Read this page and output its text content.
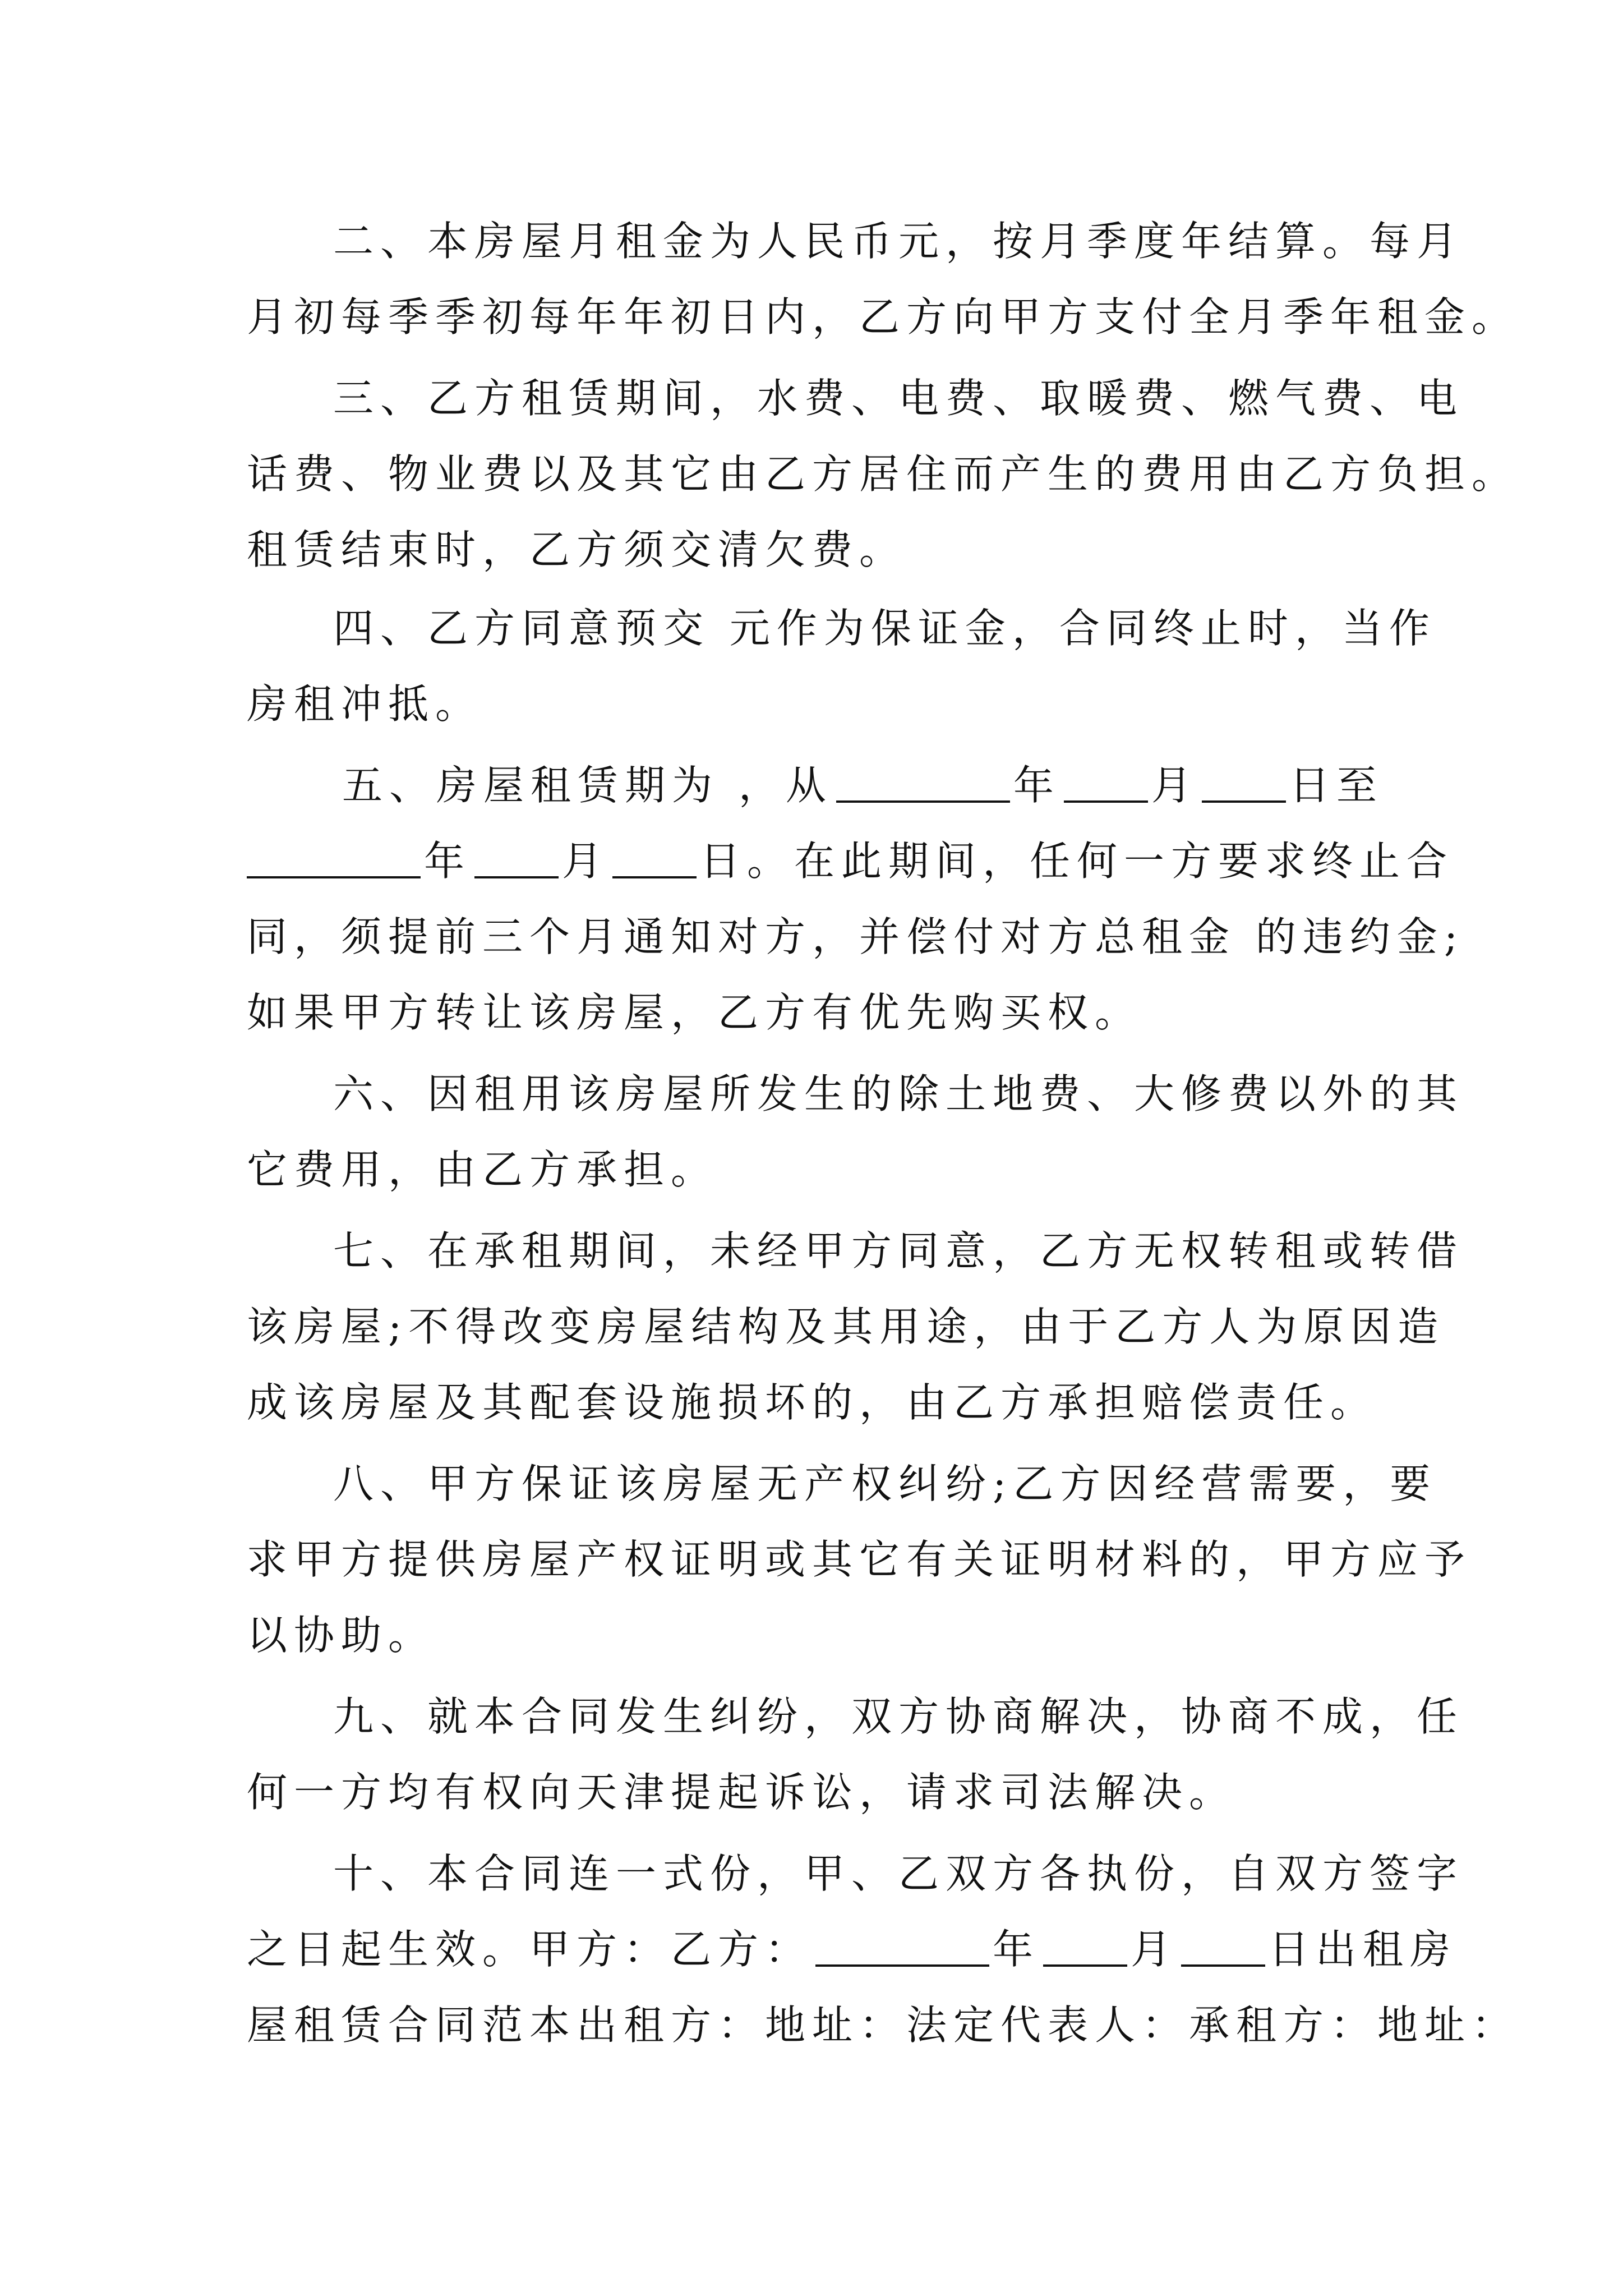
二、本房屋月租金为人民币元，按月季度年结算。每月
月初每季季初每年年初日内，乙方向甲方支付全月季年租金。
三、乙方租赁期间，水费、电费、取暖费、燃气费、电
话费、物业费以及其它由乙方居住而产生的费用由乙方负担。
租赁结束时，乙方须交清欠费。
四、乙方同意预交 元作为保证金，合同终止时，当作
房租冲抵。
五、房屋租赁期为 ，从	年 月 日至
年 月 日。在此期间，任何一方要求终止合
同，须提前三个月通知对方，并偿付对方总租金 的违约金;
如果甲方转让该房屋，乙方有优先购买权。
六、因租用该房屋所发生的除土地费、大修费以外的其
它费用，由乙方承担。
七、在承租期间，未经甲方同意，乙方无权转租或转借
该房屋;不得改变房屋结构及其用途，由于乙方人为原因造
成该房屋及其配套设施损坏的，由乙方承担赔偿责任。
八、甲方保证该房屋无产权纠纷;乙方因经营需要，要
求甲方提供房屋产权证明或其它有关证明材料的，甲方应予
以协助。
九、就本合同发生纠纷，双方协商解决，协商不成，任
何一方均有权向天津提起诉讼，请求司法解决。
十、本合同连一式份，甲、乙双方各执份，自双方签字
之日起生效。甲方：乙方：	年 月 日出租房
屋租赁合同范本出租方：地址：法定代表人：承租方：地址：
